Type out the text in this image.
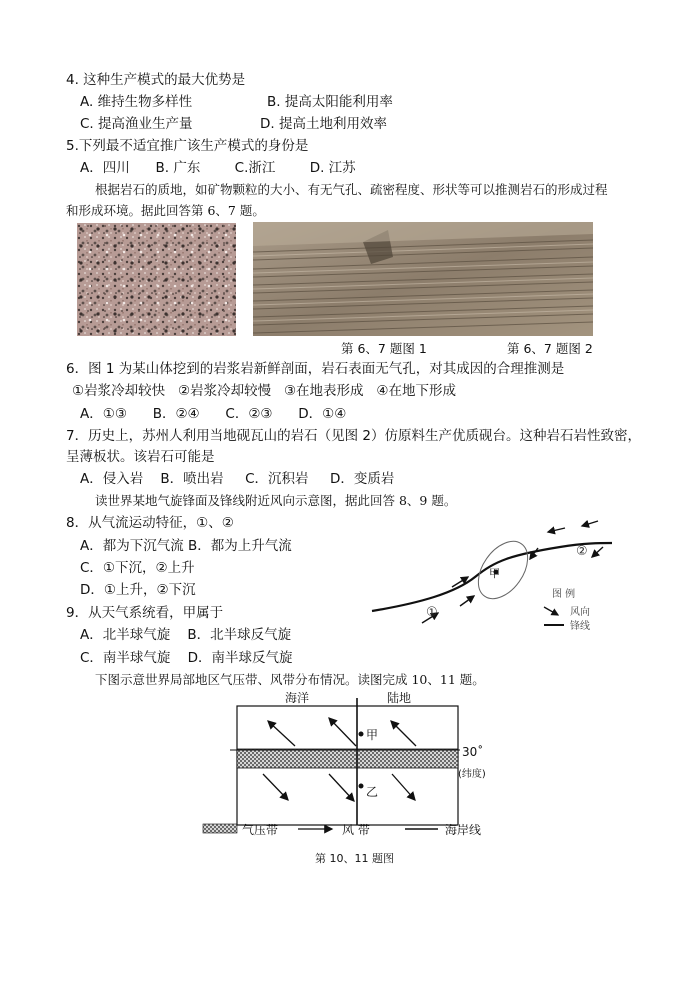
4. 这种生产模式的最大优势是
A. 维持生物多样性	B. 提高太阳能利用率
C. 提高渔业生产量	D. 提高土地利用效率
5.下列最不适宜推广该生产模式的身份是
A．四川      B. 广东        C.浙江        D. 江苏
根据岩石的质地，如矿物颗粒的大小、有无气孔、疏密程度、形状等可以推测岩石的形成过程
和形成环境。据此回答第 6、7 题。
第 6、7 题图 1	第 6、7 题图 2
6．图 1 为某山体挖到的岩浆岩新鲜剖面，岩石表面无气孔，对其成因的合理推测是
①岩浆冷却较快   ②岩浆冷却较慢   ③在地表形成   ④在地下形成
A．①③      B．②④      C．②③      D．①④
7．历史上，苏州人利用当地砚瓦山的岩石（见图 2）仿原料生产优质砚台。这种岩石岩性致密，
呈薄板状。该岩石可能是
A．侵入岩    B．喷出岩     C．沉积岩     D．变质岩
读世界某地气旋锋面及锋线附近风向示意图，据此回答 8、9 题。
8．从气流运动特征，①、②
A．都为下沉气流 B．都为上升气流
C．①下沉，②上升
D．①上升，②下沉
9．从天气系统看，甲属于
A．北半球气旋    B．北半球反气旋
C．南半球气旋    D．南半球反气旋
甲
①
②
图 例
风向
锋线
下图示意世界局部地区气压带、风带分布情况。读图完成 10、11 题。
海洋	陆地
甲
乙
30˚
(纬度)
气压带	风 带	海岸线
第 10、11 题图
